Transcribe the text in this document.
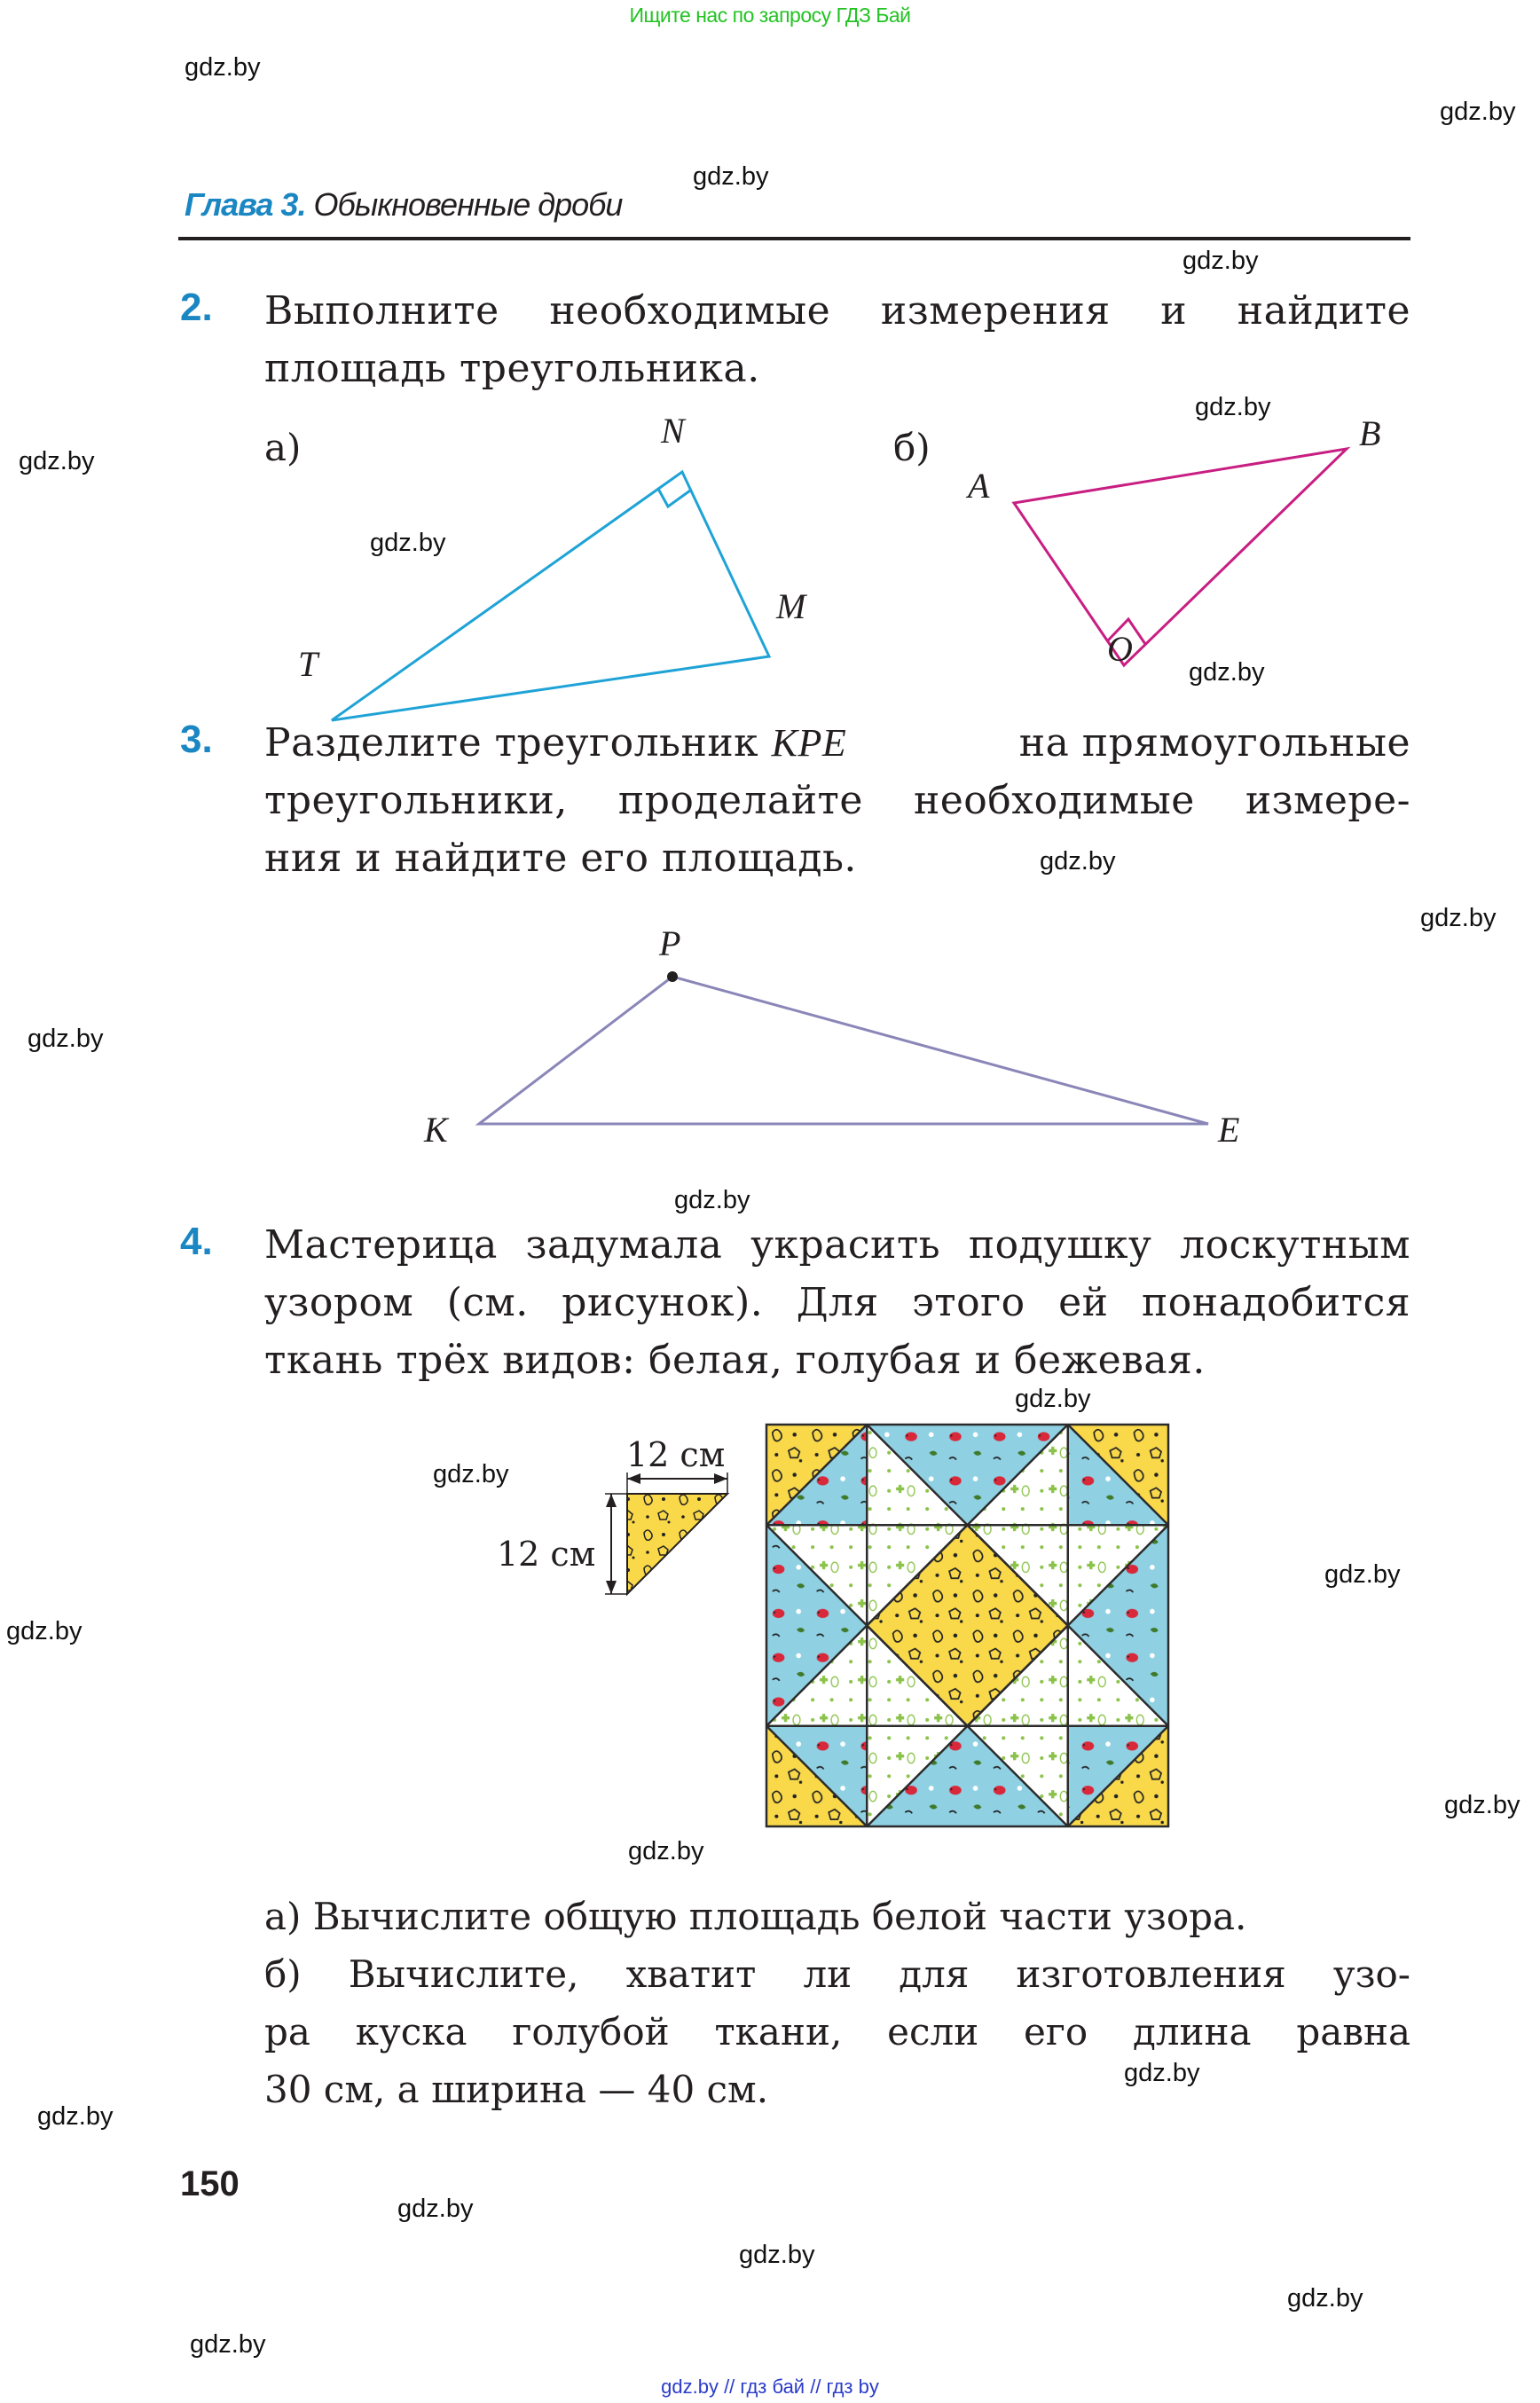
Ищите нас по запросу ГДЗ Бай
gdz.by
gdz.by
gdz.by
gdz.by
gdz.by
gdz.by
gdz.by
gdz.by
gdz.by
gdz.by
gdz.by
gdz.by
gdz.by
gdz.by
gdz.by
gdz.by
gdz.by
gdz.by
gdz.by
gdz.by
gdz.by
gdz.by
gdz.by
gdz.by
Глава 3. Обыкновенные дроби
2. Выполните необходимые измерения и найдите площадь треугольника.
а)	б)
3. Разделите треугольник KPE	на прямоугольные
треугольники, проделайте необходимые измере-
ния и найдите его площадь.
4. Мастерица задумала украсить подушку лоскутным узором (см. рисунок). Для этого ей понадобится ткань трёх видов: белая, голубая и бежевая.
12 см
12 см
а) Вычислите общую площадь белой части узора.
б) Вычислите, хватит ли для изготовления узо-
ра куска голубой ткани, если его длина равна
30 см, а ширина — 40 см.
N
M
T
A
B
O
P
K	E
150
gdz.by // гдз бай // гдз by
